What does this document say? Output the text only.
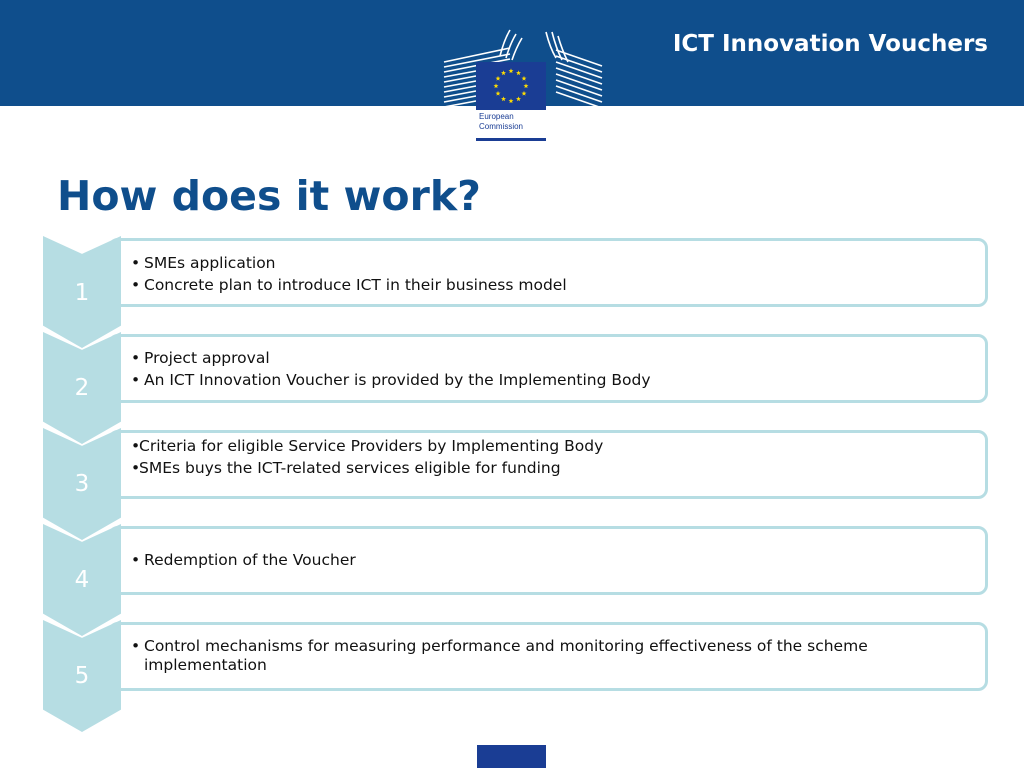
ICT Innovation Vouchers
European
Commission
How does it work?
1
• SMEs application
• Concrete plan to introduce ICT in their business model
2
• Project approval
• An ICT Innovation Voucher is provided by the Implementing Body
3
•
Criteria for eligible Service Providers by Implementing Body
•
SMEs buys the ICT-related services eligible for funding
4
• Redemption of the Voucher
5
• Control mechanisms for measuring performance and monitoring effectiveness of the scheme implementation
